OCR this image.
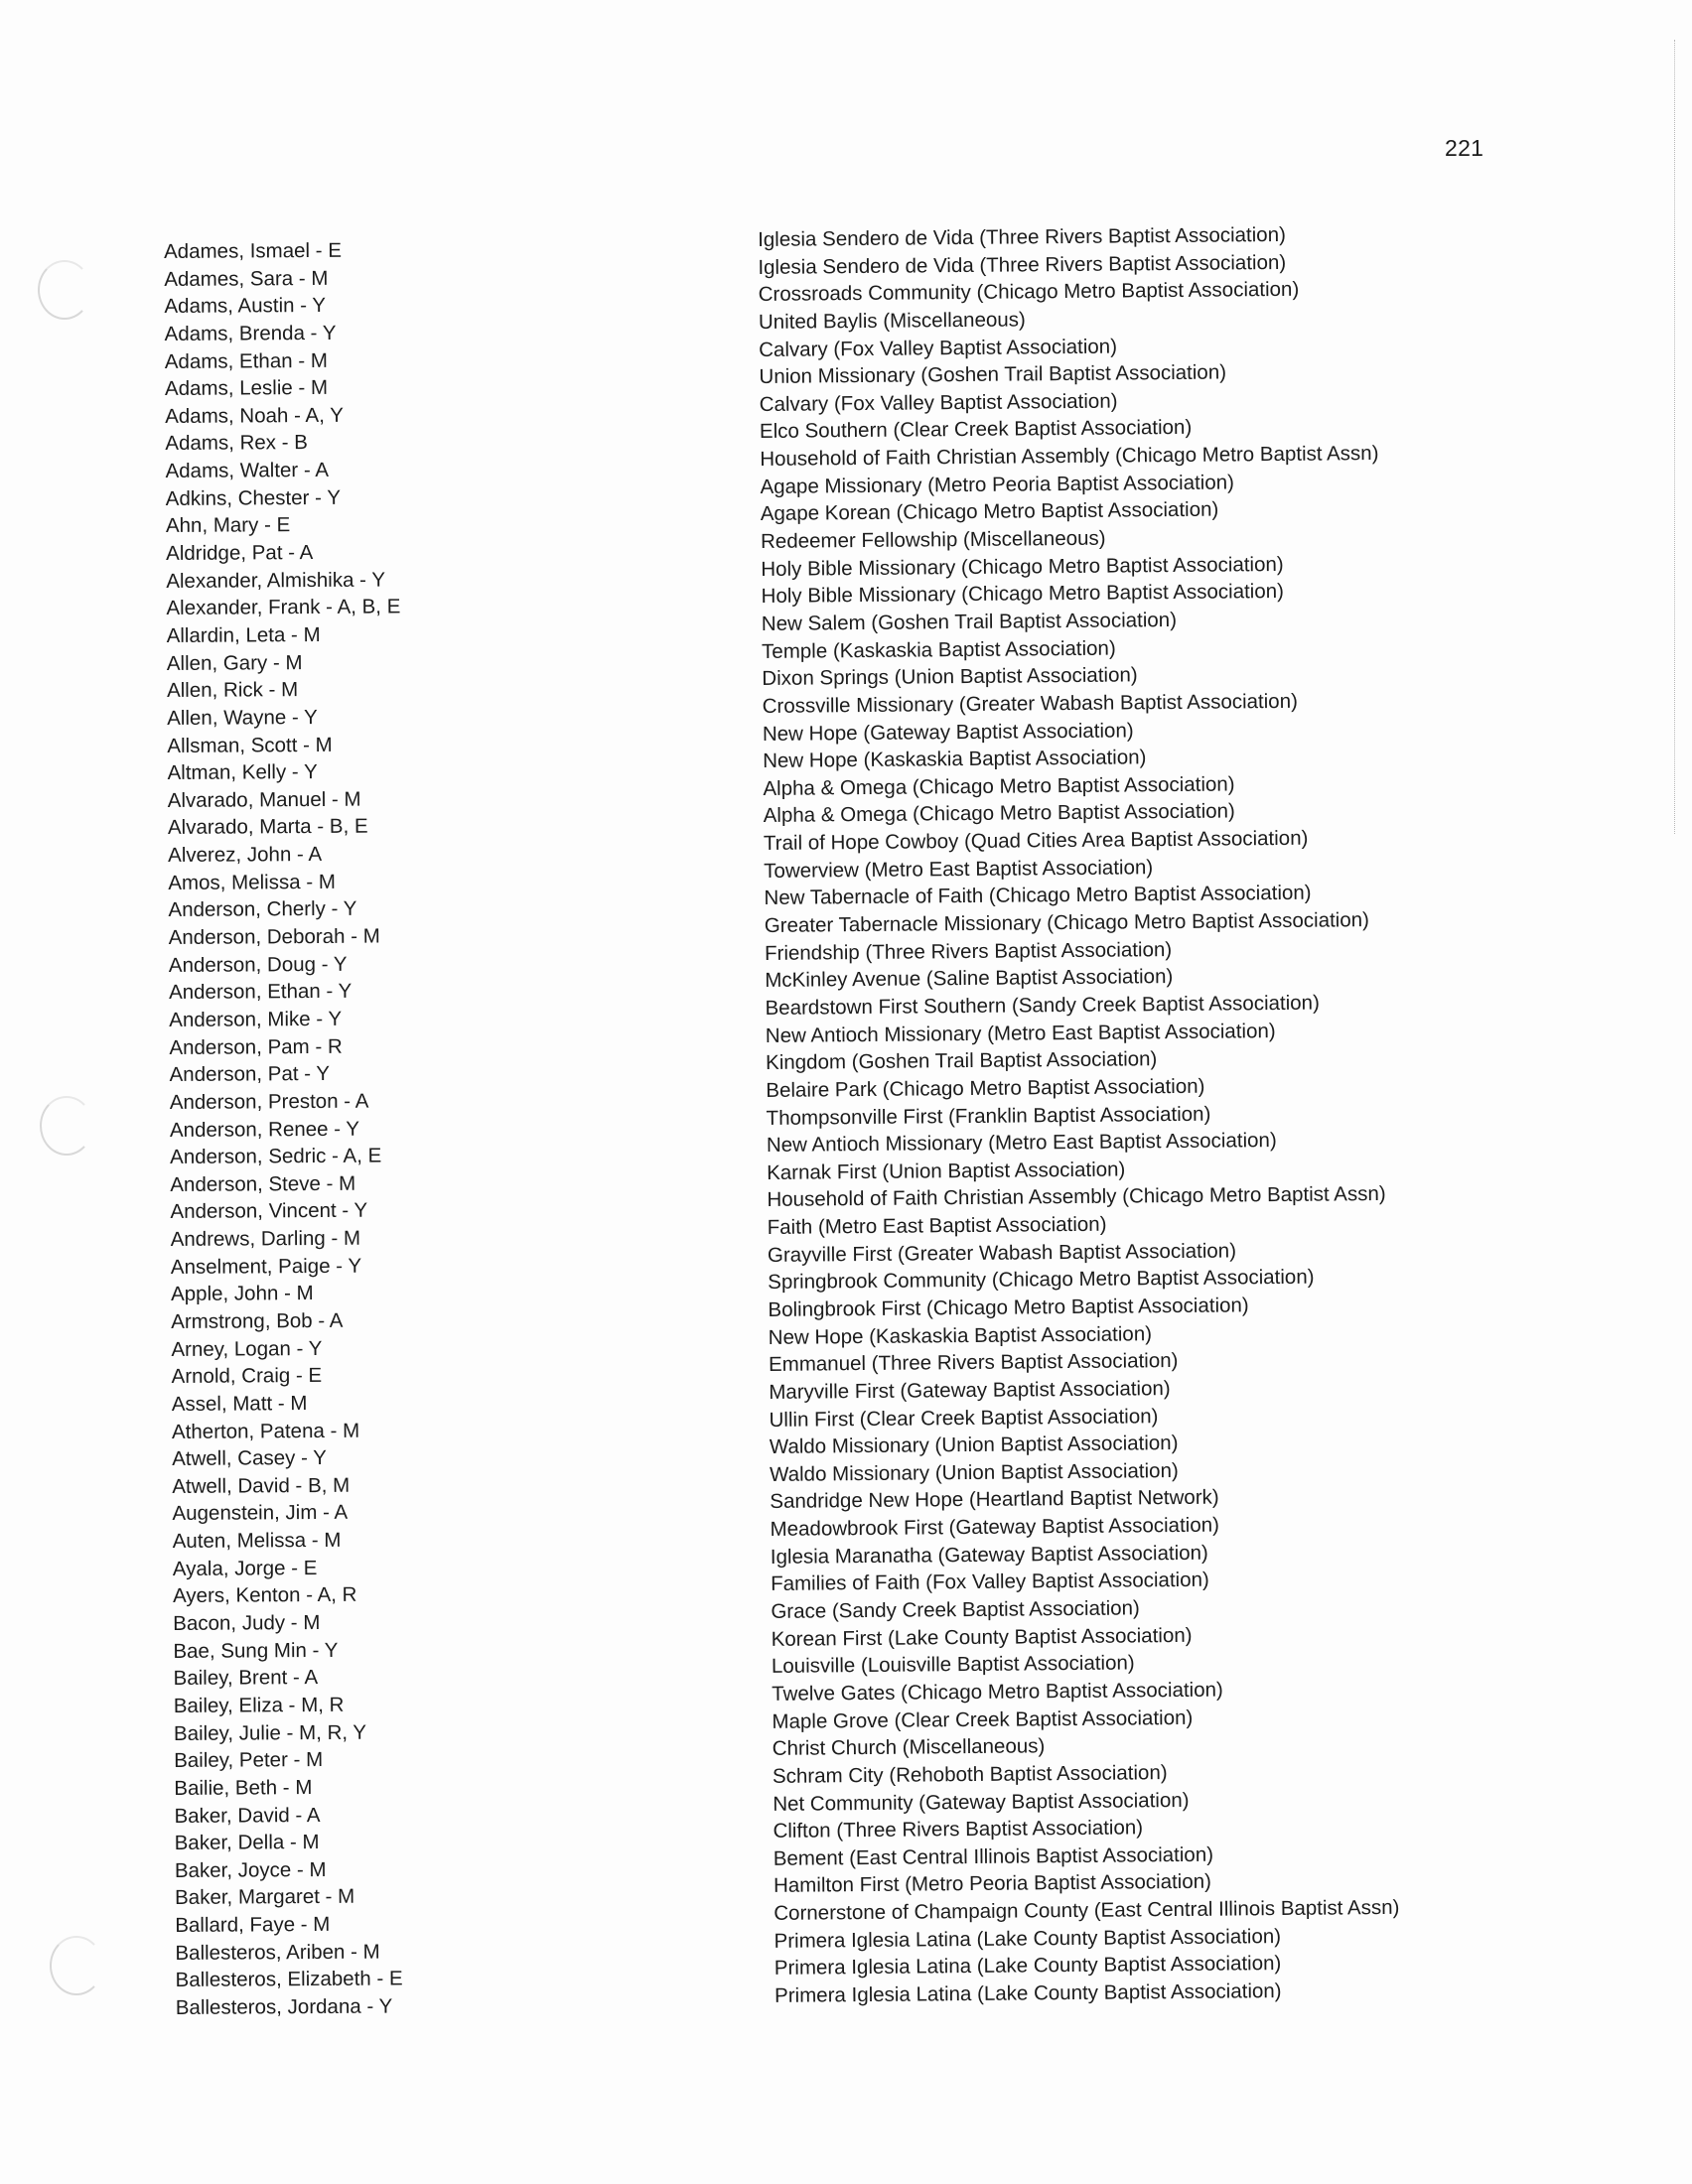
221
Adames, Ismael - E
Adames, Sara - M
Adams, Austin - Y
Adams, Brenda - Y
Adams, Ethan - M
Adams, Leslie - M
Adams, Noah - A, Y
Adams, Rex - B
Adams, Walter - A
Adkins, Chester - Y
Ahn, Mary - E
Aldridge, Pat - A
Alexander, Almishika - Y
Alexander, Frank - A, B, E
Allardin, Leta - M
Allen, Gary - M
Allen, Rick - M
Allen, Wayne - Y
Allsman, Scott - M
Altman, Kelly - Y
Alvarado, Manuel - M
Alvarado, Marta - B, E
Alverez, John - A
Amos, Melissa - M
Anderson, Cherly - Y
Anderson, Deborah - M
Anderson, Doug - Y
Anderson, Ethan - Y
Anderson, Mike - Y
Anderson, Pam - R
Anderson, Pat - Y
Anderson, Preston - A
Anderson, Renee - Y
Anderson, Sedric - A, E
Anderson, Steve - M
Anderson, Vincent - Y
Andrews, Darling - M
Anselment, Paige - Y
Apple, John - M
Armstrong, Bob - A
Arney, Logan - Y
Arnold, Craig - E
Assel, Matt - M
Atherton, Patena - M
Atwell, Casey - Y
Atwell, David - B, M
Augenstein, Jim - A
Auten, Melissa - M
Ayala, Jorge - E
Ayers, Kenton - A, R
Bacon, Judy - M
Bae, Sung Min - Y
Bailey, Brent - A
Bailey, Eliza - M, R
Bailey, Julie - M, R, Y
Bailey, Peter - M
Bailie, Beth - M
Baker, David - A
Baker, Della - M
Baker, Joyce - M
Baker, Margaret - M
Ballard, Faye - M
Ballesteros, Ariben - M
Ballesteros, Elizabeth - E
Ballesteros, Jordana - Y
Iglesia Sendero de Vida (Three Rivers Baptist Association)
Iglesia Sendero de Vida (Three Rivers Baptist Association)
Crossroads Community (Chicago Metro Baptist Association)
United Baylis (Miscellaneous)
Calvary (Fox Valley Baptist Association)
Union Missionary (Goshen Trail Baptist Association)
Calvary (Fox Valley Baptist Association)
Elco Southern (Clear Creek Baptist Association)
Household of Faith Christian Assembly (Chicago Metro Baptist Assn)
Agape Missionary (Metro Peoria Baptist Association)
Agape Korean (Chicago Metro Baptist Association)
Redeemer Fellowship (Miscellaneous)
Holy Bible Missionary (Chicago Metro Baptist Association)
Holy Bible Missionary (Chicago Metro Baptist Association)
New Salem (Goshen Trail Baptist Association)
Temple (Kaskaskia Baptist Association)
Dixon Springs (Union Baptist Association)
Crossville Missionary (Greater Wabash Baptist Association)
New Hope (Gateway Baptist Association)
New Hope (Kaskaskia Baptist Association)
Alpha & Omega (Chicago Metro Baptist Association)
Alpha & Omega (Chicago Metro Baptist Association)
Trail of Hope Cowboy (Quad Cities Area Baptist Association)
Towerview (Metro East Baptist Association)
New Tabernacle of Faith (Chicago Metro Baptist Association)
Greater Tabernacle Missionary (Chicago Metro Baptist Association)
Friendship (Three Rivers Baptist Association)
McKinley Avenue (Saline Baptist Association)
Beardstown First Southern (Sandy Creek Baptist Association)
New Antioch Missionary (Metro East Baptist Association)
Kingdom (Goshen Trail Baptist Association)
Belaire Park (Chicago Metro Baptist Association)
Thompsonville First (Franklin Baptist Association)
New Antioch Missionary (Metro East Baptist Association)
Karnak First (Union Baptist Association)
Household of Faith Christian Assembly (Chicago Metro Baptist Assn)
Faith (Metro East Baptist Association)
Grayville First (Greater Wabash Baptist Association)
Springbrook Community (Chicago Metro Baptist Association)
Bolingbrook First (Chicago Metro Baptist Association)
New Hope (Kaskaskia Baptist Association)
Emmanuel (Three Rivers Baptist Association)
Maryville First (Gateway Baptist Association)
Ullin First (Clear Creek Baptist Association)
Waldo Missionary (Union Baptist Association)
Waldo Missionary (Union Baptist Association)
Sandridge New Hope (Heartland Baptist Network)
Meadowbrook First (Gateway Baptist Association)
Iglesia Maranatha (Gateway Baptist Association)
Families of Faith (Fox Valley Baptist Association)
Grace (Sandy Creek Baptist Association)
Korean First (Lake County Baptist Association)
Louisville (Louisville Baptist Association)
Twelve Gates (Chicago Metro Baptist Association)
Maple Grove (Clear Creek Baptist Association)
Christ Church (Miscellaneous)
Schram City (Rehoboth Baptist Association)
Net Community (Gateway Baptist Association)
Clifton (Three Rivers Baptist Association)
Bement (East Central Illinois Baptist Association)
Hamilton First (Metro Peoria Baptist Association)
Cornerstone of Champaign County (East Central Illinois Baptist Assn)
Primera Iglesia Latina (Lake County Baptist Association)
Primera Iglesia Latina (Lake County Baptist Association)
Primera Iglesia Latina (Lake County Baptist Association)
